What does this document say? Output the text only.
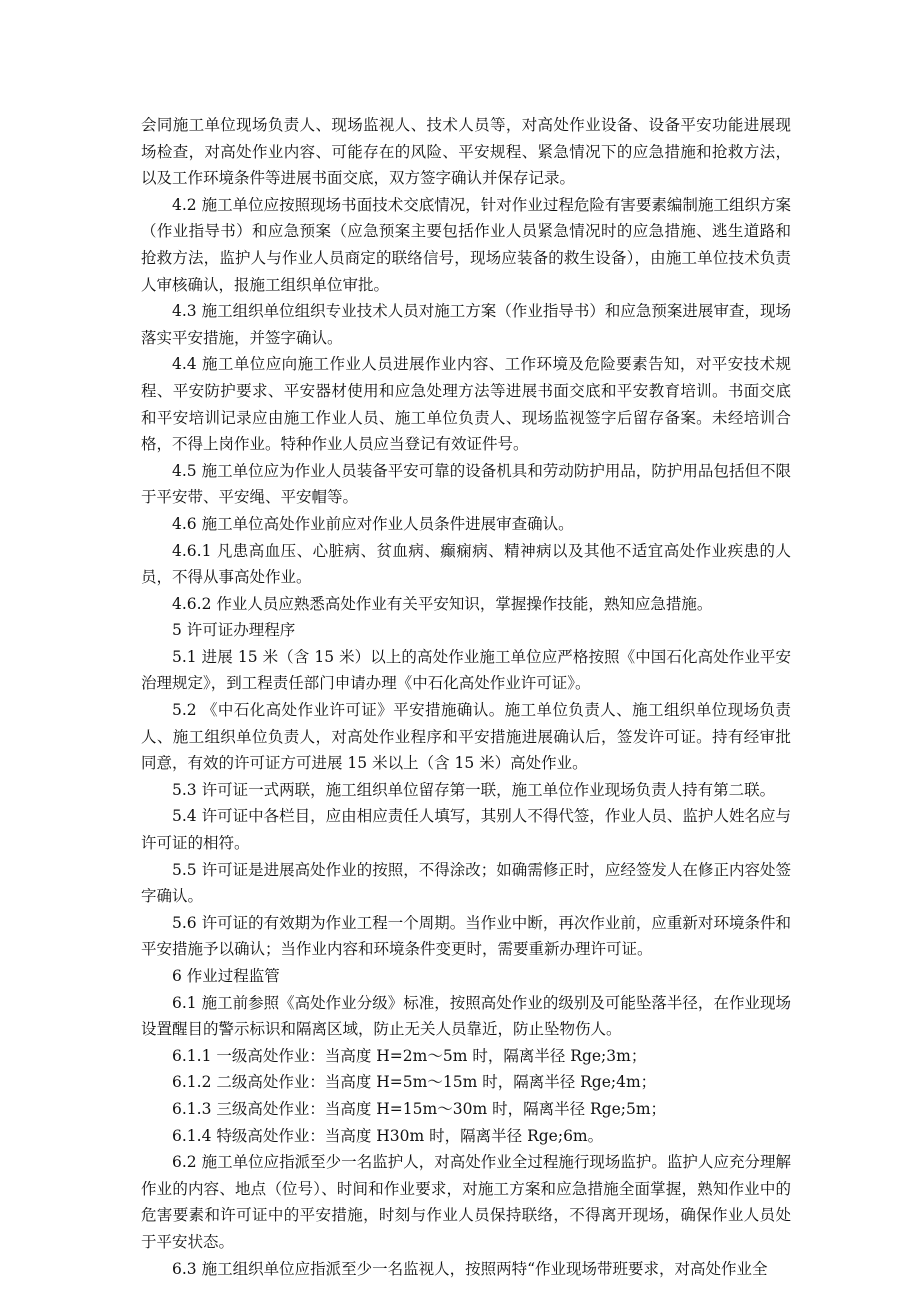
会同施工单位现场负责人、现场监视人、技术人员等，对高处作业设备、设备平安功能进展现场检查，对高处作业内容、可能存在的风险、平安规程、紧急情况下的应急措施和抢救方法，以及工作环境条件等进展书面交底，双方签字确认并保存记录。

4.2 施工单位应按照现场书面技术交底情况，针对作业过程危险有害要素编制施工组织方案（作业指导书）和应急预案（应急预案主要包括作业人员紧急情况时的应急措施、逃生道路和抢救方法，监护人与作业人员商定的联络信号，现场应装备的救生设备），由施工单位技术负责人审核确认，报施工组织单位审批。

4.3 施工组织单位组织专业技术人员对施工方案（作业指导书）和应急预案进展审查，现场落实平安措施，并签字确认。

4.4 施工单位应向施工作业人员进展作业内容、工作环境及危险要素告知，对平安技术规程、平安防护要求、平安器材使用和应急处理方法等进展书面交底和平安教育培训。书面交底和平安培训记录应由施工作业人员、施工单位负责人、现场监视签字后留存备案。未经培训合格，不得上岗作业。特种作业人员应当登记有效证件号。

4.5 施工单位应为作业人员装备平安可靠的设备机具和劳动防护用品，防护用品包括但不限于平安带、平安绳、平安帽等。

4.6 施工单位高处作业前应对作业人员条件进展审查确认。

4.6.1 凡患高血压、心脏病、贫血病、癫痫病、精神病以及其他不适宜高处作业疾患的人员，不得从事高处作业。

4.6.2 作业人员应熟悉高处作业有关平安知识，掌握操作技能，熟知应急措施。

5 许可证办理程序

5.1 进展 15 米（含 15 米）以上的高处作业施工单位应严格按照《中国石化高处作业平安治理规定》，到工程责任部门申请办理《中石化高处作业许可证》。

5.2 《中石化高处作业许可证》平安措施确认。施工单位负责人、施工组织单位现场负责人、施工组织单位负责人，对高处作业程序和平安措施进展确认后，签发许可证。持有经审批同意，有效的许可证方可进展 15 米以上（含 15 米）高处作业。

5.3 许可证一式两联，施工组织单位留存第一联，施工单位作业现场负责人持有第二联。

5.4 许可证中各栏目，应由相应责任人填写，其别人不得代签，作业人员、监护人姓名应与许可证的相符。

5.5 许可证是进展高处作业的按照，不得涂改；如确需修正时，应经签发人在修正内容处签字确认。

5.6 许可证的有效期为作业工程一个周期。当作业中断，再次作业前，应重新对环境条件和平安措施予以确认；当作业内容和环境条件变更时，需要重新办理许可证。

6 作业过程监管

6.1 施工前参照《高处作业分级》标准，按照高处作业的级别及可能坠落半径，在作业现场设置醒目的警示标识和隔离区域，防止无关人员靠近，防止坠物伤人。

6.1.1 一级高处作业：当高度 H=2m～5m 时，隔离半径 Rge;3m；

6.1.2 二级高处作业：当高度 H=5m～15m 时，隔离半径 Rge;4m；

6.1.3 三级高处作业：当高度 H=15m～30m 时，隔离半径 Rge;5m；

6.1.4 特级高处作业：当高度 H30m 时，隔离半径 Rge;6m。

6.2 施工单位应指派至少一名监护人，对高处作业全过程施行现场监护。监护人应充分理解作业的内容、地点（位号）、时间和作业要求，对施工方案和应急措施全面掌握，熟知作业中的危害要素和许可证中的平安措施，时刻与作业人员保持联络，不得离开现场，确保作业人员处于平安状态。

6.3 施工组织单位应指派至少一名监视人，按照两特“作业现场带班要求，对高处作业全
